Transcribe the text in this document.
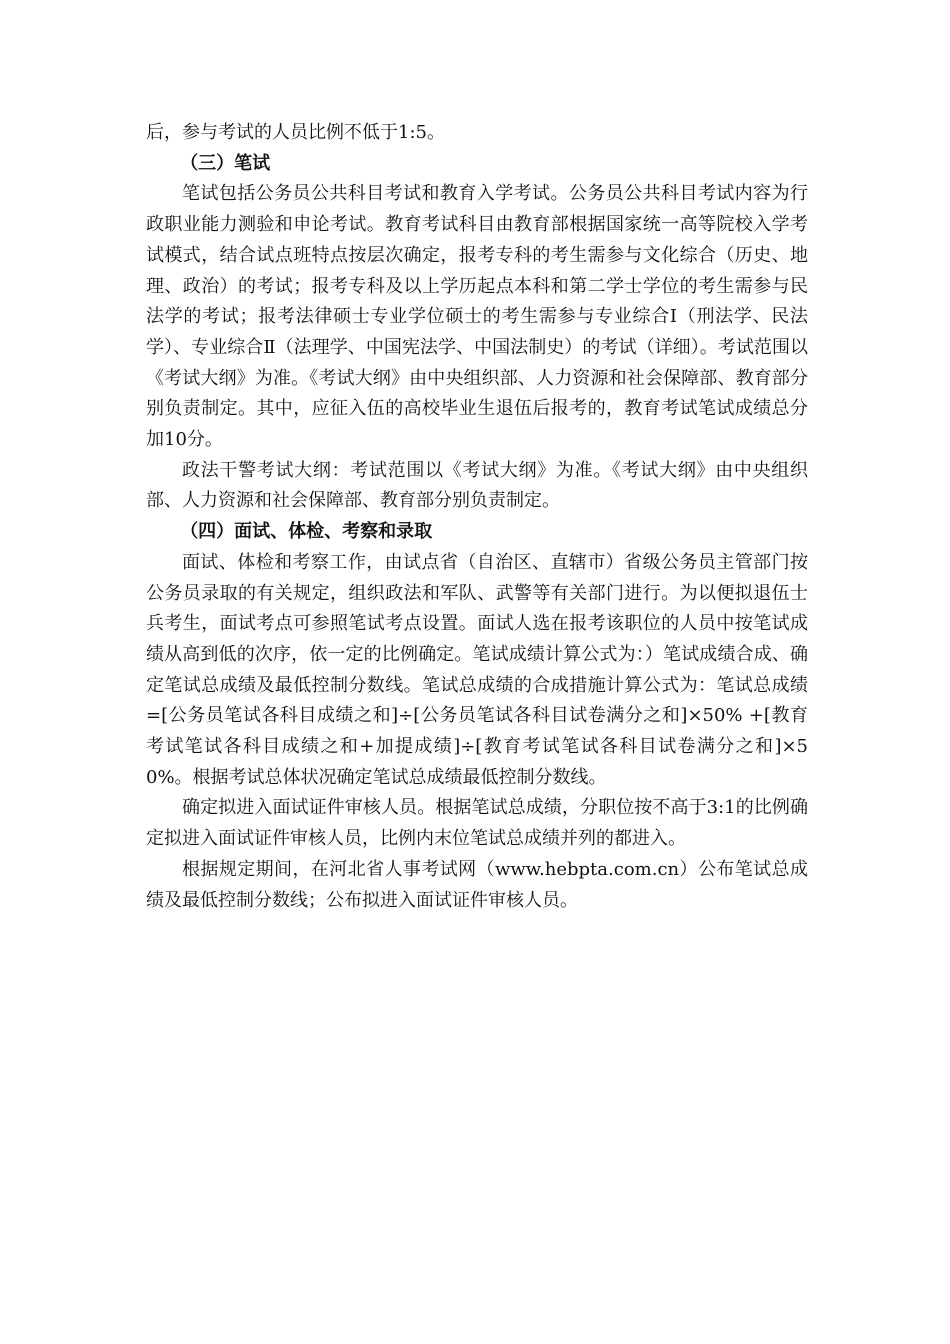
后，参与考试的人员比例不低于1:5。

（三）笔试

笔试包括公务员公共科目考试和教育入学考试。公务员公共科目考试内容为行政职业能力测验和申论考试。教育考试科目由教育部根据国家统一高等院校入学考试模式，结合试点班特点按层次确定，报考专科的考生需参与文化综合（历史、地理、政治）的考试；报考专科及以上学历起点本科和第二学士学位的考生需参与民法学的考试；报考法律硕士专业学位硕士的考生需参与专业综合Ⅰ（刑法学、民法学）、专业综合Ⅱ（法理学、中国宪法学、中国法制史）的考试（详细）。考试范围以《考试大纲》为准。《考试大纲》由中央组织部、人力资源和社会保障部、教育部分别负责制定。其中，应征入伍的高校毕业生退伍后报考的，教育考试笔试成绩总分加10分。

政法干警考试大纲：考试范围以《考试大纲》为准。《考试大纲》由中央组织部、人力资源和社会保障部、教育部分别负责制定。

（四）面试、体检、考察和录取

面试、体检和考察工作，由试点省（自治区、直辖市）省级公务员主管部门按公务员录取的有关规定，组织政法和军队、武警等有关部门进行。为以便拟退伍士兵考生，面试考点可参照笔试考点设置。面试人选在报考该职位的人员中按笔试成绩从高到低的次序，依一定的比例确定。笔试成绩计算公式为：）笔试成绩合成、确定笔试总成绩及最低控制分数线。笔试总成绩的合成措施计算公式为：笔试总成绩=[公务员笔试各科目成绩之和]÷[公务员笔试各科目试卷满分之和]×50% +[教育考试笔试各科目成绩之和+加提成绩]÷[教育考试笔试各科目试卷满分之和]×50%。根据考试总体状况确定笔试总成绩最低控制分数线。

确定拟进入面试证件审核人员。根据笔试总成绩，分职位按不高于3:1的比例确定拟进入面试证件审核人员，比例内末位笔试总成绩并列的都进入。

根据规定期间，在河北省人事考试网（www.hebpta.com.cn）公布笔试总成绩及最低控制分数线；公布拟进入面试证件审核人员。
